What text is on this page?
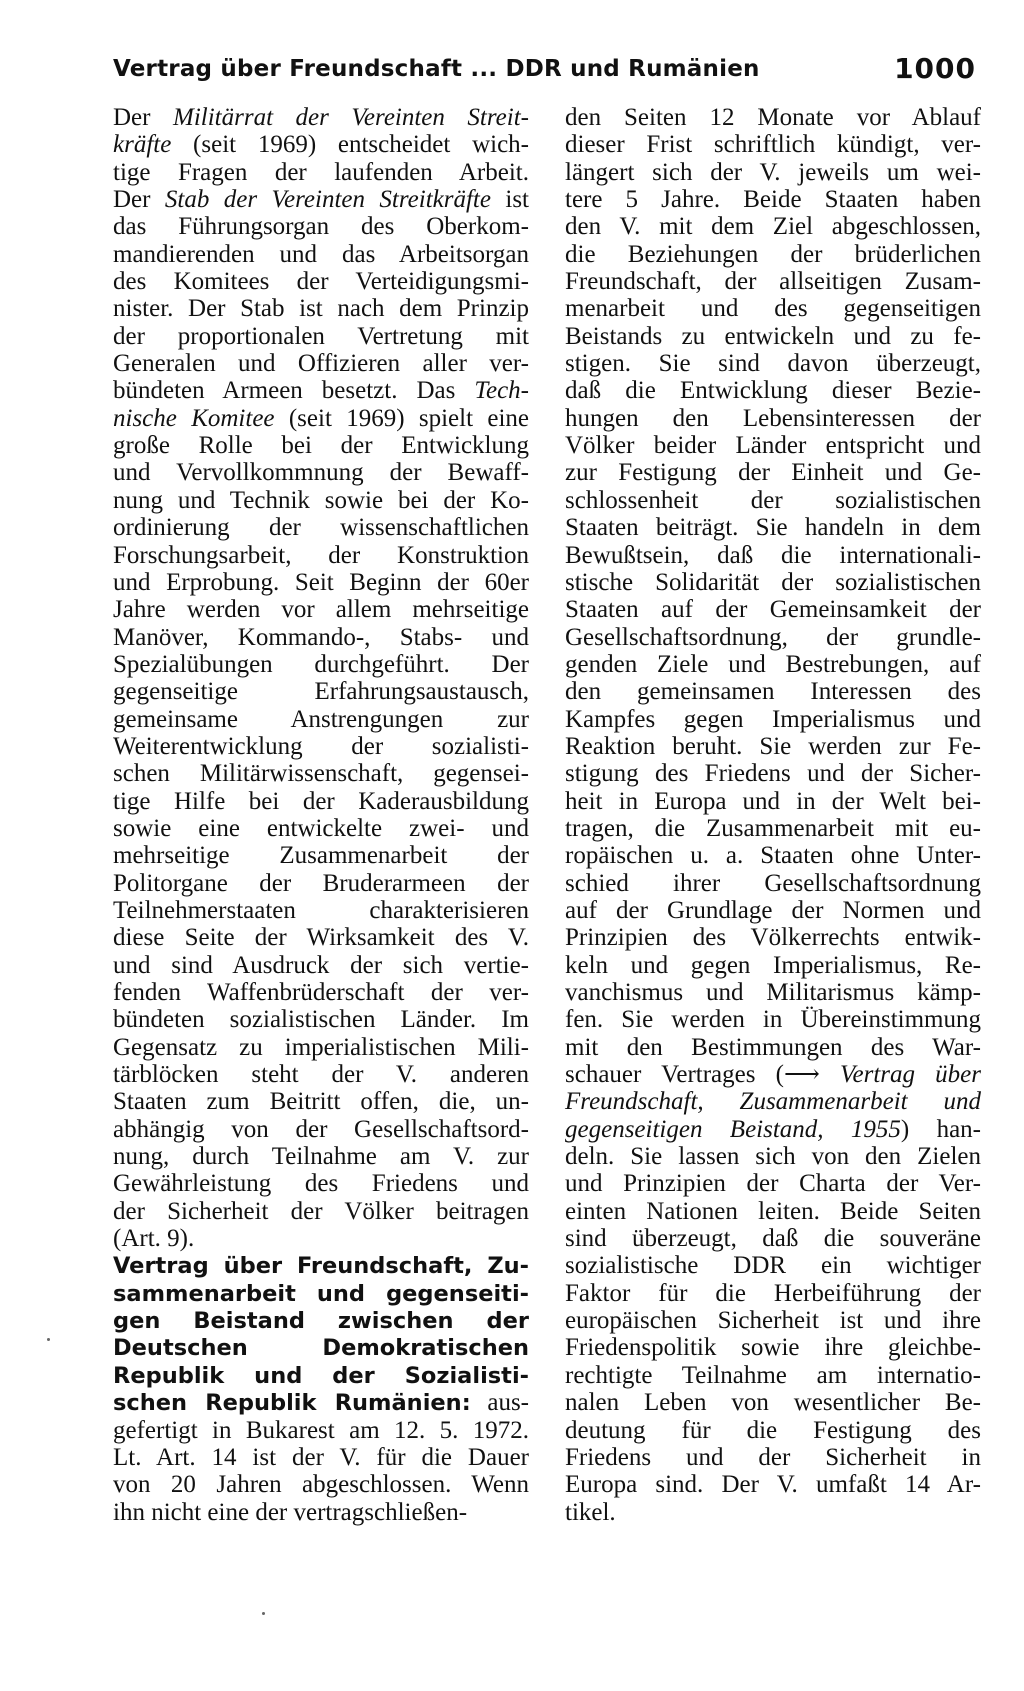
Vertrag über Freundschaft ... DDR und Rumänien	1000

Der Militärrat der Vereinten Streit-
kräfte (seit 1969) entscheidet wich-
tige Fragen der laufenden Arbeit.
Der Stab der Vereinten Streitkräfte ist
das Führungsorgan des Oberkom-
mandierenden und das Arbeitsorgan
des Komitees der Verteidigungsmi-
nister. Der Stab ist nach dem Prinzip
der proportionalen Vertretung mit
Generalen und Offizieren aller ver-
bündeten Armeen besetzt. Das Tech-
nische Komitee (seit 1969) spielt eine
große Rolle bei der Entwicklung
und Vervollkommnung der Bewaff-
nung und Technik sowie bei der Ko-
ordinierung der wissenschaftlichen
Forschungsarbeit, der Konstruktion
und Erprobung. Seit Beginn der 60er
Jahre werden vor allem mehrseitige
Manöver, Kommando-, Stabs- und
Spezialübungen durchgeführt. Der
gegenseitige Erfahrungsaustausch,
gemeinsame Anstrengungen zur
Weiterentwicklung der sozialisti-
schen Militärwissenschaft, gegensei-
tige Hilfe bei der Kaderausbildung
sowie eine entwickelte zwei- und
mehrseitige Zusammenarbeit der
Politorgane der Bruderarmeen der
Teilnehmerstaaten charakterisieren
diese Seite der Wirksamkeit des V.
und sind Ausdruck der sich vertie-
fenden Waffenbrüderschaft der ver-
bündeten sozialistischen Länder. Im
Gegensatz zu imperialistischen Mili-
tärblöcken steht der V. anderen
Staaten zum Beitritt offen, die, un-
abhängig von der Gesellschaftsord-
nung, durch Teilnahme am V. zur
Gewährleistung des Friedens und
der Sicherheit der Völker beitragen
(Art. 9).

Vertrag über Freundschaft, Zu-
sammenarbeit und gegenseiti-
gen Beistand zwischen der
Deutschen Demokratischen
Republik und der Sozialisti-
schen Republik Rumänien: aus-
gefertigt in Bukarest am 12. 5. 1972.
Lt. Art. 14 ist der V. für die Dauer
von 20 Jahren abgeschlossen. Wenn
ihn nicht eine der vertragschließen-

den Seiten 12 Monate vor Ablauf
dieser Frist schriftlich kündigt, ver-
längert sich der V. jeweils um wei-
tere 5 Jahre. Beide Staaten haben
den V. mit dem Ziel abgeschlossen,
die Beziehungen der brüderlichen
Freundschaft, der allseitigen Zusam-
menarbeit und des gegenseitigen
Beistands zu entwickeln und zu fe-
stigen. Sie sind davon überzeugt,
daß die Entwicklung dieser Bezie-
hungen den Lebensinteressen der
Völker beider Länder entspricht und
zur Festigung der Einheit und Ge-
schlossenheit der sozialistischen
Staaten beiträgt. Sie handeln in dem
Bewußtsein, daß die internationali-
stische Solidarität der sozialistischen
Staaten auf der Gemeinsamkeit der
Gesellschaftsordnung, der grundle-
genden Ziele und Bestrebungen, auf
den gemeinsamen Interessen des
Kampfes gegen Imperialismus und
Reaktion beruht. Sie werden zur Fe-
stigung des Friedens und der Sicher-
heit in Europa und in der Welt bei-
tragen, die Zusammenarbeit mit eu-
ropäischen u. a. Staaten ohne Unter-
schied ihrer Gesellschaftsordnung
auf der Grundlage der Normen und
Prinzipien des Völkerrechts entwik-
keln und gegen Imperialismus, Re-
vanchismus und Militarismus kämp-
fen. Sie werden in Übereinstimmung
mit den Bestimmungen des War-
schauer Vertrages (⟶ Vertrag über
Freundschaft, Zusammenarbeit und
gegenseitigen Beistand, 1955) han-
deln. Sie lassen sich von den Zielen
und Prinzipien der Charta der Ver-
einten Nationen leiten. Beide Seiten
sind überzeugt, daß die souveräne
sozialistische DDR ein wichtiger
Faktor für die Herbeiführung der
europäischen Sicherheit ist und ihre
Friedenspolitik sowie ihre gleichbe-
rechtigte Teilnahme am internatio-
nalen Leben von wesentlicher Be-
deutung für die Festigung des
Friedens und der Sicherheit in
Europa sind. Der V. umfaßt 14 Ar-
tikel.
